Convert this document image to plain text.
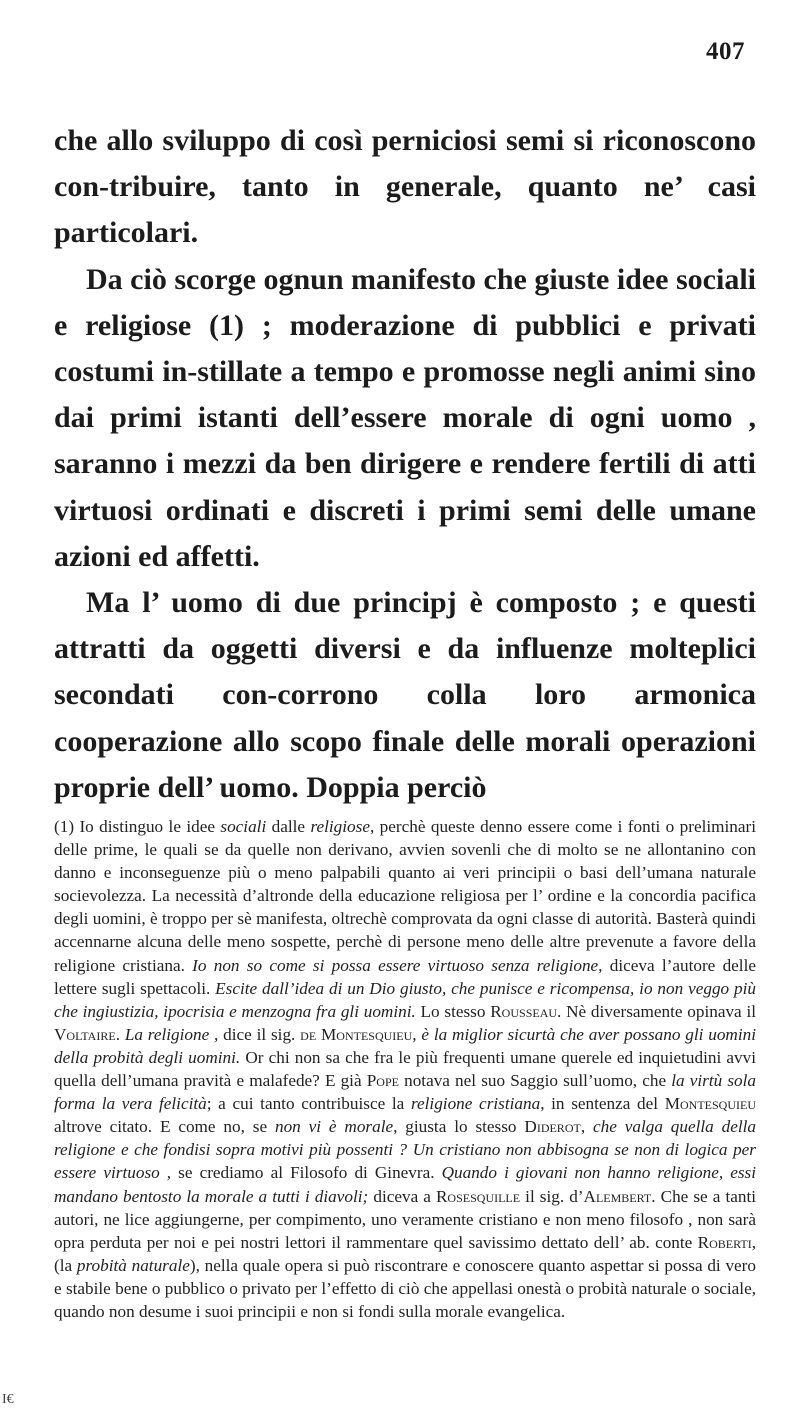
407

che allo sviluppo di così perniciosi semi si riconoscono con-tribuire, tanto in generale, quanto ne’ casi particolari.

Da ciò scorge ognun manifesto che giuste idee sociali e religiose (1) ; moderazione di pubblici e privati costumi in-stillate a tempo e promosse negli animi sino dai primi istanti dell’essere morale di ogni uomo , saranno i mezzi da ben dirigere e rendere fertili di atti virtuosi ordinati e discreti i primi semi delle umane azioni ed affetti.

Ma l’ uomo di due principj è composto ; e questi attratti da oggetti diversi e da influenze molteplici secondati con-corrono colla loro armonica cooperazione allo scopo finale delle morali operazioni proprie dell’ uomo. Doppia perciò

(1) Io distinguo le idee sociali dalle religiose, perchè queste denno essere come i fonti o preliminari delle prime, le quali se da quelle non derivano, avvien sovenli che di molto se ne allontanino con danno e inconseguenze più o meno palpabili quanto ai veri principii o basi dell’umana naturale socievolezza. La necessità d’altronde della educazione religiosa per l’ ordine e la concordia pacifica degli uomini, è troppo per sè manifesta, oltrechè comprovata da ogni classe di autorità. Basterà quindi accennarne alcuna delle meno sospette, perchè di persone meno delle altre prevenute a favore della religione cristiana. Io non so come si possa essere virtuoso senza religione, diceva l’autore delle lettere sugli spettacoli. Escite dall’idea di un Dio giusto, che punisce e ricompensa, io non veggo più che ingiustizia, ipocrisia e menzogna fra gli uomini. Lo stesso Rousseau. Nè diversamente opinava il Voltaire. La religione , dice il sig. de Montesquieu, è la miglior sicurtà che aver possano gli uomini della probità degli uomini. Or chi non sa che fra le più frequenti umane querele ed inquietudini avvi quella dell’umana pravità e malafede? E già Pope notava nel suo Saggio sull’uomo, che la virtù sola forma la vera felicità; a cui tanto contribuisce la religione cristiana, in sentenza del Montesquieu altrove citato. E come no, se non vi è morale, giusta lo stesso Diderot, che valga quella della religione e che fondisi sopra motivi più possenti ? Un cristiano non abbisogna se non di logica per essere virtuoso , se crediamo al Filosofo di Ginevra. Quando i giovani non hanno religione, essi mandano bentosto la morale a tutti i diavoli; diceva a Rosesquille il sig. d’Alembert. Che se a tanti autori, ne lice aggiungerne, per compimento, uno veramente cristiano e non meno filosofo , non sarà opra perduta per noi e pei nostri lettori il rammentare quel savissimo dettato dell’ ab. conte Roberti, (la probità naturale), nella quale opera si può riscontrare e conoscere quanto aspettar si possa di vero e stabile bene o pubblico o privato per l’effetto di ciò che appellasi onestà o probità naturale o sociale, quando non desume i suoi principii e non si fondi sulla morale evangelica.
I€
